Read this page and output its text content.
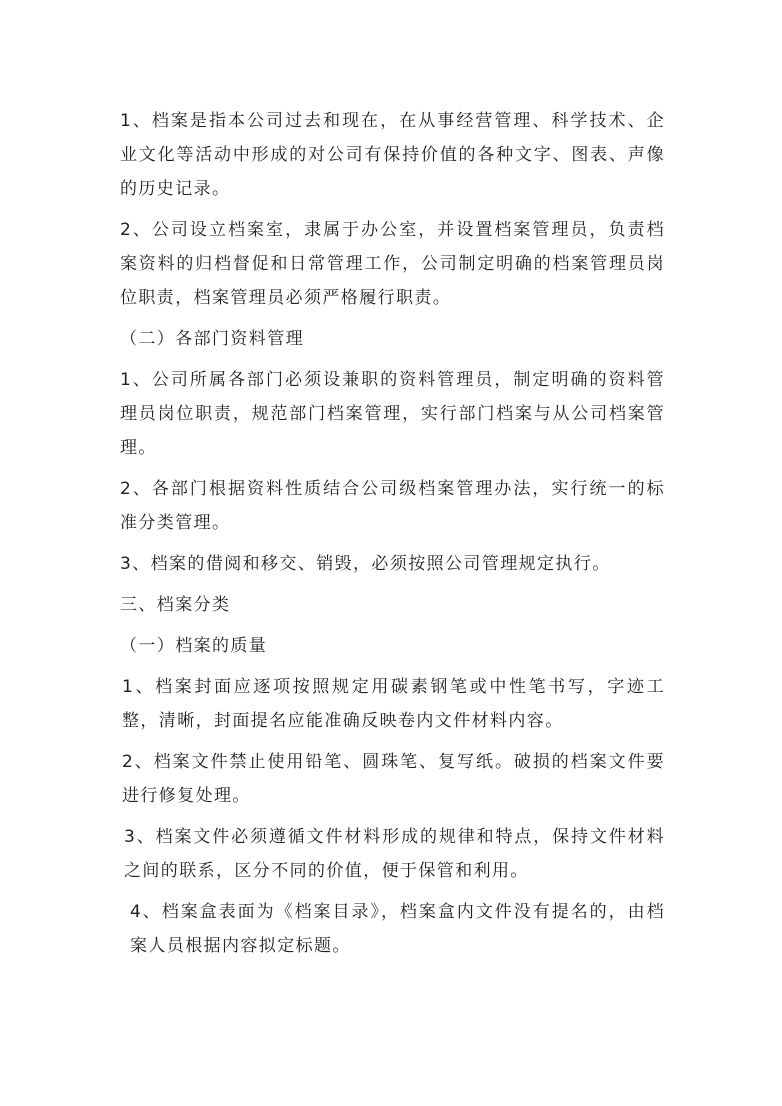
1、档案是指本公司过去和现在，在从事经营管理、科学技术、企业文化等活动中形成的对公司有保持价值的各种文字、图表、声像的历史记录。

2、公司设立档案室，隶属于办公室，并设置档案管理员，负责档案资料的归档督促和日常管理工作，公司制定明确的档案管理员岗位职责，档案管理员必须严格履行职责。

（二）各部门资料管理

1、公司所属各部门必须设兼职的资料管理员，制定明确的资料管理员岗位职责，规范部门档案管理，实行部门档案与从公司档案管理。

2、各部门根据资料性质结合公司级档案管理办法，实行统一的标准分类管理。

3、档案的借阅和移交、销毁，必须按照公司管理规定执行。

三、档案分类

（一）档案的质量

1、档案封面应逐项按照规定用碳素钢笔或中性笔书写，字迹工整，清晰，封面提名应能准确反映卷内文件材料内容。

2、档案文件禁止使用铅笔、圆珠笔、复写纸。破损的档案文件要进行修复处理。

3、档案文件必须遵循文件材料形成的规律和特点，保持文件材料之间的联系，区分不同的价值，便于保管和利用。

4、档案盒表面为《档案目录》，档案盒内文件没有提名的，由档案人员根据内容拟定标题。
